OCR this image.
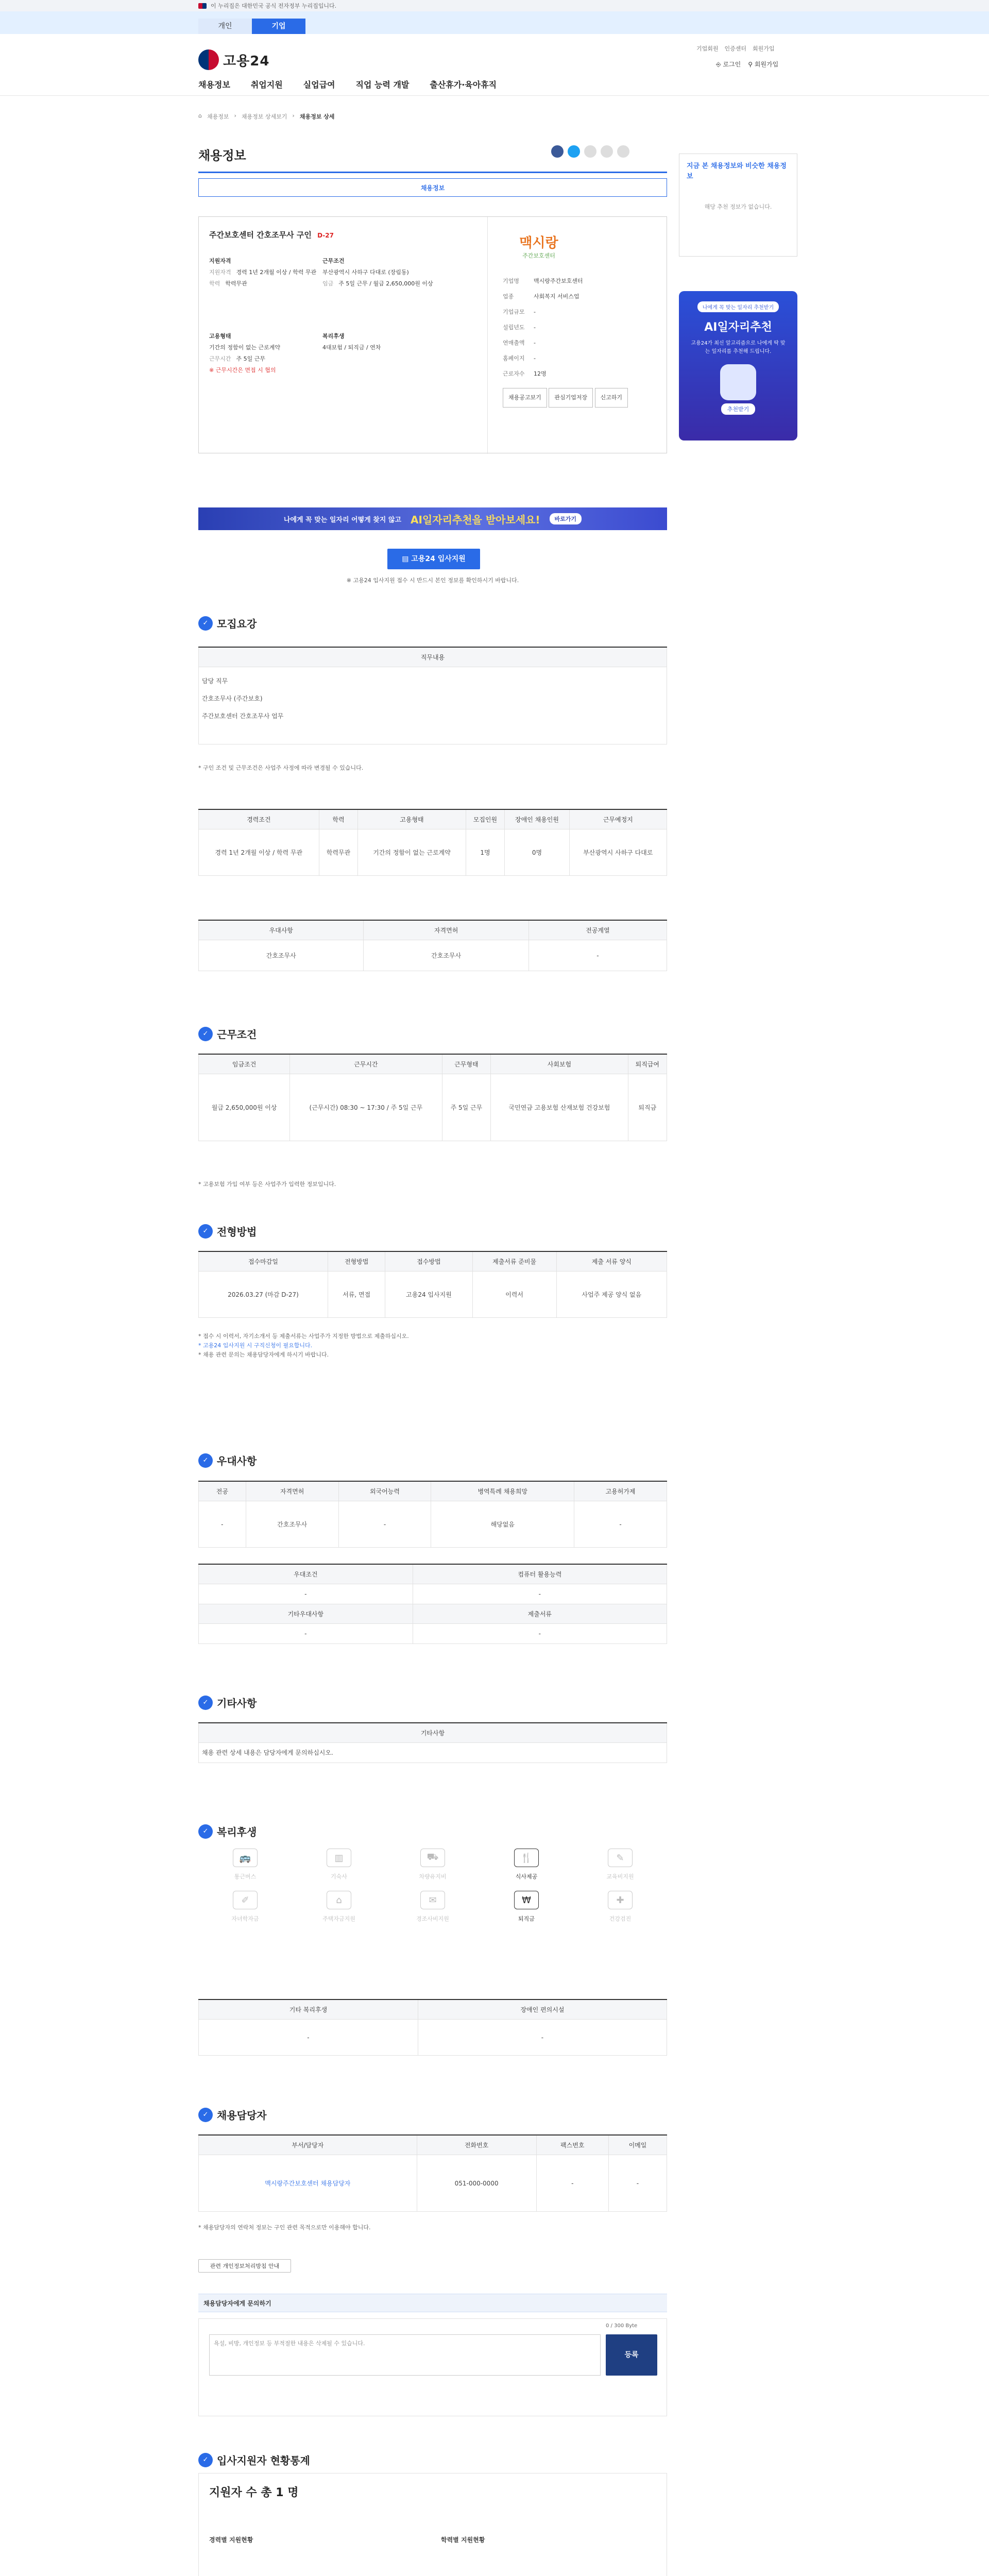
이 누리집은 대한민국 공식 전자정부 누리집입니다.
개인	기업
고용24
기업회원 인증센터 회원가입
⎆ 로그인 ⚲ 회원가입
채용정보	취업지원	실업급여	직업 능력 개발	출산휴가·육아휴직
⌂ 채용정보 › 채용정보 상세보기 › 채용정보 상세
채용정보
채용정보
주간보호센터 간호조무사 구인 D-27
지원자격
지원자격 경력 1년 2개월 이상 / 학력 무관
학력 학력무관
고용형태
기간의 정함이 없는 근로계약
근무시간 주 5일 근무
※ 근무시간은 면접 시 협의
근무조건
부산광역시 사하구 다대로 (장림동)
임금 주 5일 근무 / 월급 2,650,000원 이상
복리후생
4대보험 / 퇴직금 / 연차
맥시랑
주간보호센터
기업명	맥시랑주간보호센터
업종	사회복지 서비스업
기업규모 -
설립년도 -
연매출액 -
홈페이지 -
근로자수 12명
채용공고보기 관심기업저장 신고하기
나에게 꼭 맞는 일자리 어떻게 찾지 않고 AI일자리추천을 받아보세요!	바로가기
▤ 고용24 입사지원
※ 고용24 입사지원 접수 시 반드시 본인 정보를 확인하시기 바랍니다.
지금 본 채용정보와 비슷한 채용정보
해당 추천 정보가 없습니다.
나에게 꼭 맞는 일자리 추천받기
AI일자리추천
고용24가 최신 알고리즘으로 나에게 딱 맞는 일자리를 추천해 드립니다.
추천받기
✓ 모집요강
직무내용

담당 직무
간호조무사 (주간보호)
주간보호센터 간호조무사 업무
* 구인 조건 및 근무조건은 사업주 사정에 따라 변경될 수 있습니다.
경력조건	학력	고용형태	모집인원	장애인 채용인원	근무예정지
경력 1년 2개월 이상 / 학력 무관	학력무관	기간의 정함이 없는 근로계약	1명	0명	부산광역시 사하구 다대로
우대사항	자격면허	전공계열
간호조무사	간호조무사	-
✓ 근무조건
임금조건	근무시간	근무형태	사회보험	퇴직급여
월급 2,650,000원 이상	(근무시간) 08:30 ~ 17:30 / 주 5일 근무	주 5일 근무	국민연금 고용보험 산재보험 건강보험	퇴직금
* 고용보험 가입 여부 등은 사업주가 입력한 정보입니다.
✓ 전형방법
접수마감일	전형방법	접수방법	제출서류 준비물	제출 서류 양식
2026.03.27 (마감 D-27)	서류, 면접	고용24 입사지원	이력서	사업주 제공 양식 없음
* 접수 시 이력서, 자기소개서 등 제출서류는 사업주가 지정한 방법으로 제출하십시오.
* 고용24 입사지원 시 구직신청이 필요합니다.
* 채용 관련 문의는 채용담당자에게 하시기 바랍니다.
✓ 우대사항
전공	자격면허	외국어능력	병역특례 채용희망	고용허가제
-	간호조무사	-	해당없음	-
우대조건	컴퓨터 활용능력
-	-
기타우대사항	제출서류
-	-
✓ 기타사항
기타사항
채용 관련 상세 내용은 담당자에게 문의하십시오.
✓ 복리후생
🚌
통근버스
▥
기숙사
⛟
차량유지비
🍴
식사제공
✎
교육비지원
✐
자녀학자금
⌂
주택자금지원
✉
경조사비지원
₩
퇴직금
✚
건강검진
기타 복리후생	장애인 편의시설
-	-
✓ 채용담당자
부서/담당자	전화번호	팩스번호	이메일
맥시랑주간보호센터 채용담당자	051-000-0000	-	-
* 채용담당자의 연락처 정보는 구인 관련 목적으로만 이용해야 합니다.
관련 개인정보처리방침 안내
채용담당자에게 문의하기
욕설, 비방, 개인정보 등 부적절한 내용은 삭제될 수 있습니다.
등록
0 / 300 Byte
✓ 입사지원자 현황통계
지원자 수 총 1 명
경력별 지원현황	학력별 지원현황
